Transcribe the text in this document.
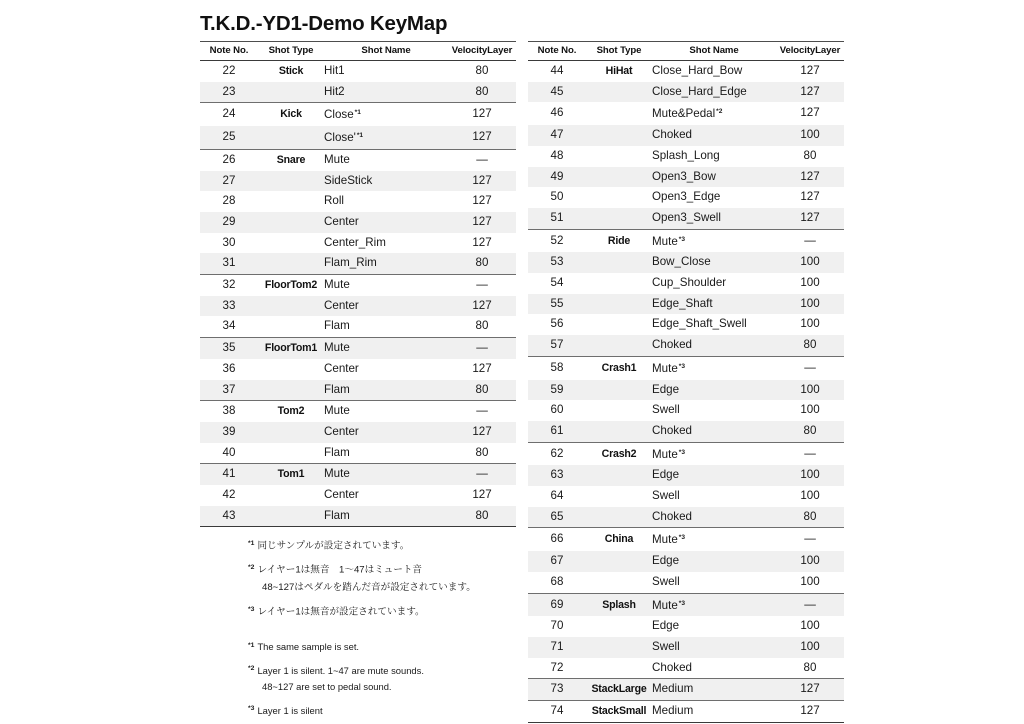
T.K.D.-YD1-Demo KeyMap
Note No.	Shot Type	Shot Name	VelocityLayer
22	Stick	Hit1	80
23		Hit2	80
24	Kick	Close$^{*1}$	127
25		Close'$^{*1}$	127
26	Snare	Mute	—
27		SideStick	127
28		Roll	127
29		Center	127
30		Center_Rim	127
31		Flam_Rim	80
32	FloorTom2	Mute	—
33		Center	127
34		Flam	80
35	FloorTom1	Mute	—
36		Center	127
37		Flam	80
38	Tom2	Mute	—
39		Center	127
40		Flam	80
41	Tom1	Mute	—
42		Center	127
43		Flam	80
Note No.	Shot Type	Shot Name	VelocityLayer
44	HiHat	Close_Hard_Bow	127
45		Close_Hard_Edge	127
46		Mute&Pedal$^{*2}$	127
47		Choked	100
48		Splash_Long	80
49		Open3_Bow	127
50		Open3_Edge	127
51		Open3_Swell	127
52	Ride	Mute$^{*3}$	—
53		Bow_Close	100
54		Cup_Shoulder	100
55		Edge_Shaft	100
56		Edge_Shaft_Swell	100
57		Choked	80
58	Crash1	Mute$^{*3}$	—
59		Edge	100
60		Swell	100
61		Choked	80
62	Crash2	Mute$^{*3}$	—
63		Edge	100
64		Swell	100
65		Choked	80
66	China	Mute$^{*3}$	—
67		Edge	100
68		Swell	100
69	Splash	Mute$^{*3}$	—
70		Edge	100
71		Swell	100
72		Choked	80
73	StackLarge	Medium	127
74	StackSmall	Medium	127
$^{*1}$ 同じサンプルが設定されています。
$^{*2}$ レイヤー1は無音　1〜47はミュート音
48~127はペダルを踏んだ音が設定されています。
$^{*3}$ レイヤー1は無音が設定されています。
$^{*1}$ The same sample is set.
$^{*2}$ Layer 1 is silent. 1~47 are mute sounds.
48~127 are set to pedal sound.
$^{*3}$ Layer 1 is silent
